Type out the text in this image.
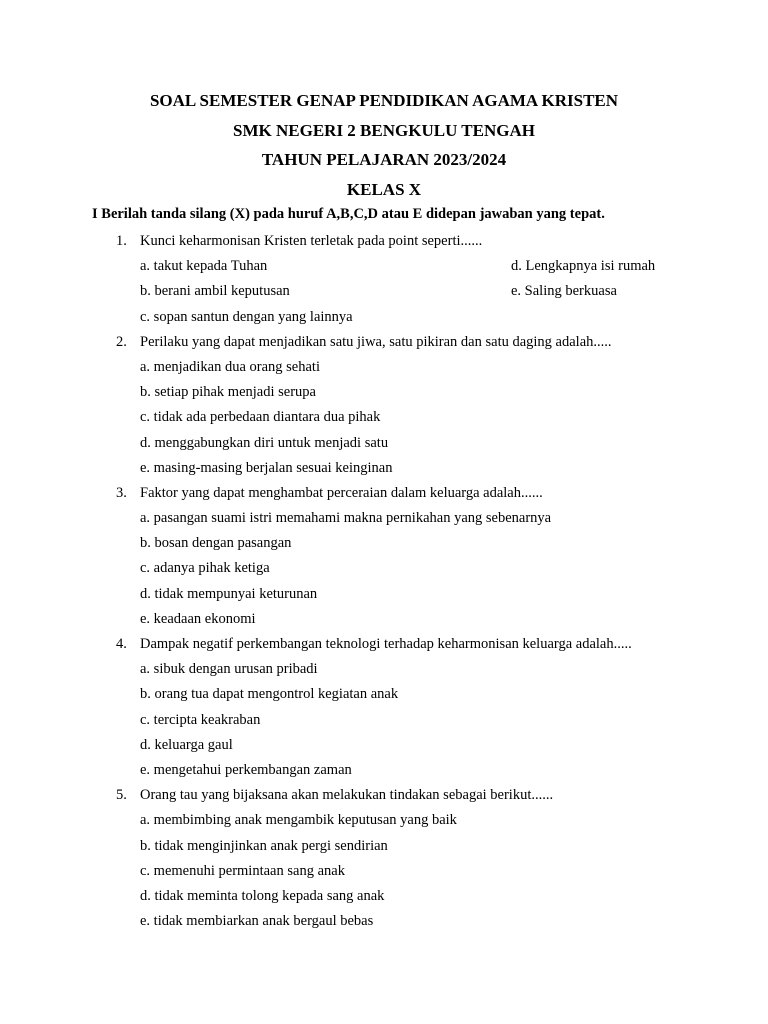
SOAL SEMESTER GENAP PENDIDIKAN AGAMA KRISTEN
SMK NEGERI 2 BENGKULU TENGAH
TAHUN PELAJARAN 2023/2024
KELAS X
I Berilah tanda silang (X) pada huruf A,B,C,D atau E didepan jawaban yang tepat.
1. Kunci keharmonisan Kristen terletak pada point seperti......
a. takut kepada Tuhan	d. Lengkapnya isi rumah
b. berani ambil keputusan	e. Saling berkuasa
c. sopan santun dengan yang lainnya
2. Perilaku yang dapat menjadikan satu jiwa, satu pikiran dan satu daging adalah.....
a. menjadikan dua orang sehati
b. setiap pihak menjadi serupa
c. tidak ada perbedaan diantara dua pihak
d. menggabungkan diri untuk menjadi satu
e. masing-masing berjalan sesuai keinginan
3. Faktor yang dapat menghambat perceraian dalam keluarga adalah......
a. pasangan suami istri memahami makna pernikahan yang sebenarnya
b. bosan dengan pasangan
c. adanya pihak ketiga
d. tidak mempunyai keturunan
e. keadaan ekonomi
4. Dampak negatif perkembangan teknologi terhadap keharmonisan keluarga adalah.....
a. sibuk dengan urusan pribadi
b. orang tua dapat mengontrol kegiatan anak
c. tercipta keakraban
d. keluarga gaul
e. mengetahui perkembangan zaman
5. Orang tau yang bijaksana akan melakukan tindakan sebagai berikut......
a. membimbing anak mengambik keputusan yang baik
b. tidak menginjinkan anak pergi sendirian
c. memenuhi permintaan sang anak
d. tidak meminta tolong kepada sang anak
e. tidak membiarkan anak bergaul bebas
